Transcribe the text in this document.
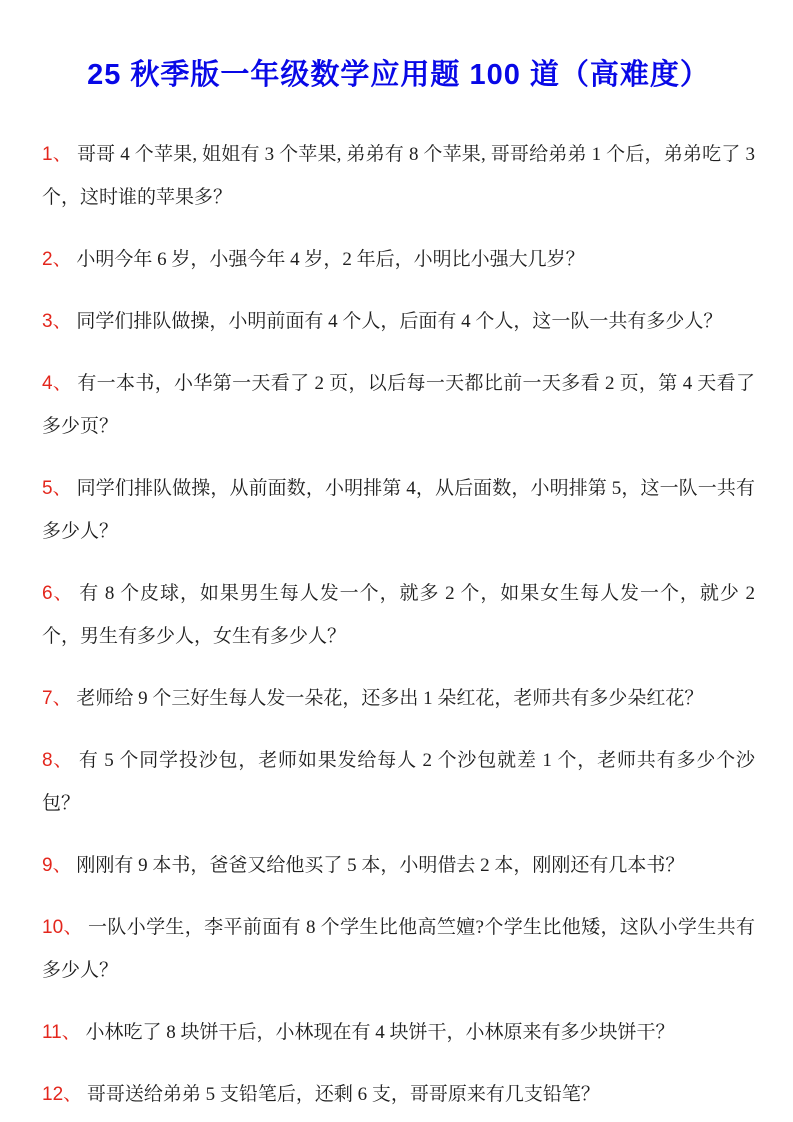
25 秋季版一年级数学应用题 100 道（高难度）

1、 哥哥 4 个苹果, 姐姐有 3 个苹果, 弟弟有 8 个苹果, 哥哥给弟弟 1 个后，弟弟吃了 3 个，这时谁的苹果多？

2、 小明今年 6 岁，小强今年 4 岁，2 年后，小明比小强大几岁？

3、 同学们排队做操，小明前面有 4 个人，后面有 4 个人，这一队一共有多少人？

4、 有一本书，小华第一天看了 2 页，以后每一天都比前一天多看 2 页，第 4 天看了多少页？

5、 同学们排队做操，从前面数，小明排第 4，从后面数，小明排第 5，这一队一共有多少人？

6、 有 8 个皮球，如果男生每人发一个，就多 2 个，如果女生每人发一个，就少 2 个，男生有多少人，女生有多少人？

7、 老师给 9 个三好生每人发一朵花，还多出 1 朵红花，老师共有多少朵红花？

8、 有 5 个同学投沙包，老师如果发给每人 2 个沙包就差 1 个，老师共有多少个沙包？

9、 刚刚有 9 本书，爸爸又给他买了 5 本，小明借去 2 本，刚刚还有几本书？

10、 一队小学生，李平前面有 8 个学生比他高竺嬗?个学生比他矮，这队小学生共有多少人？

11、 小林吃了 8 块饼干后，小林现在有 4 块饼干，小林原来有多少块饼干？

12、 哥哥送给弟弟 5 支铅笔后，还剩 6 支，哥哥原来有几支铅笔？
